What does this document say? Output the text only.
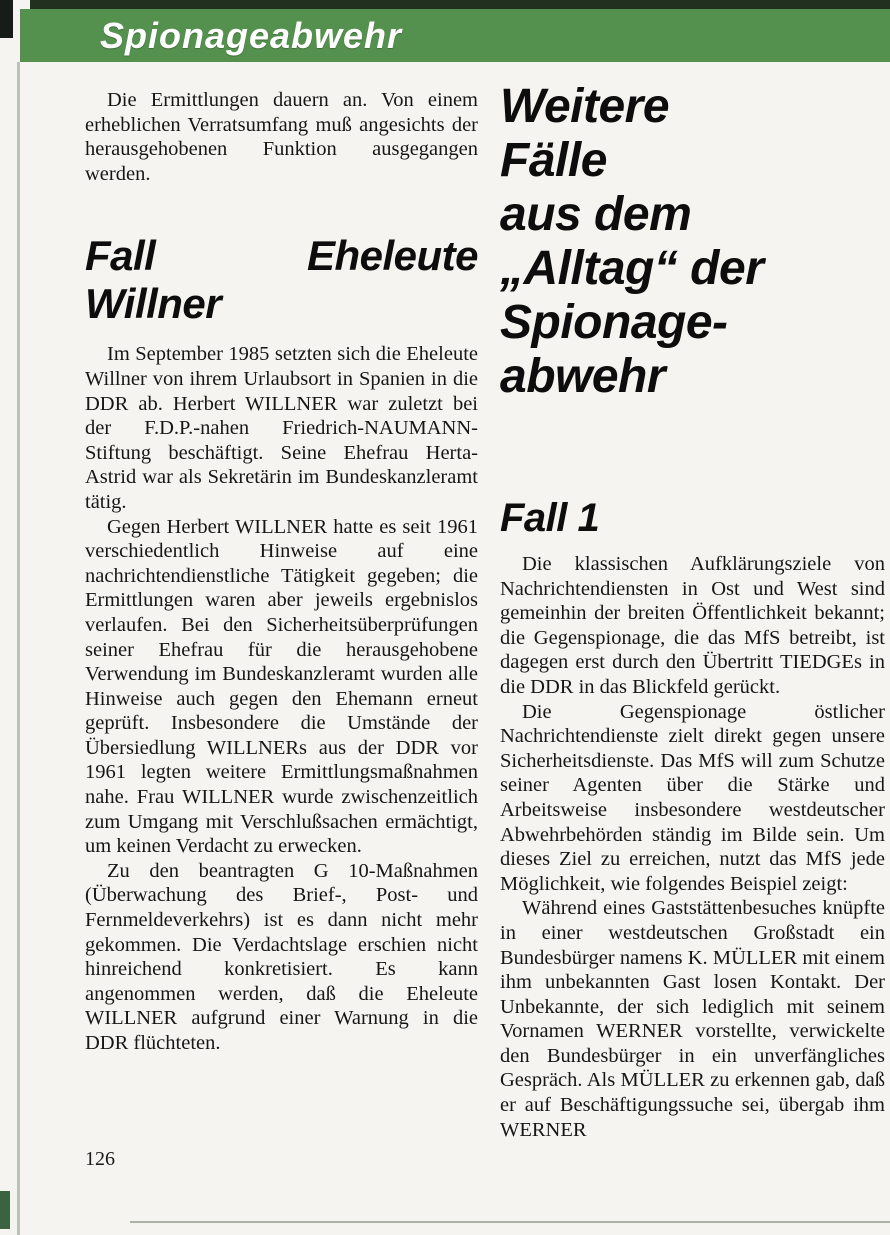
Spionageabwehr

Die Ermittlungen dauern an. Von einem erheblichen Verratsumfang muß angesichts der herausgehobenen Funktion ausgegangen werden.

Fall Eheleute Willner

Im September 1985 setzten sich die Eheleute Willner von ihrem Urlaubsort in Spanien in die DDR ab. Herbert WILLNER war zuletzt bei der F.D.P.-nahen Friedrich-NAUMANN-Stiftung beschäftigt. Seine Ehefrau Herta-Astrid war als Sekretärin im Bundeskanzleramt tätig.

Gegen Herbert WILLNER hatte es seit 1961 verschiedentlich Hinweise auf eine nachrichtendienstliche Tätigkeit gegeben; die Ermittlungen waren aber jeweils ergebnislos verlaufen. Bei den Sicherheitsüberprüfungen seiner Ehefrau für die herausgehobene Verwendung im Bundeskanzleramt wurden alle Hinweise auch gegen den Ehemann erneut geprüft. Insbesondere die Umstände der Übersiedlung WILLNERs aus der DDR vor 1961 legten weitere Ermittlungsmaßnahmen nahe. Frau WILLNER wurde zwischenzeitlich zum Umgang mit Verschlußsachen ermächtigt, um keinen Verdacht zu erwecken.

Zu den beantragten G 10-Maßnahmen (Überwachung des Brief-, Post- und Fernmeldeverkehrs) ist es dann nicht mehr gekommen. Die Verdachtslage erschien nicht hinreichend konkretisiert. Es kann angenommen werden, daß die Eheleute WILLNER aufgrund einer Warnung in die DDR flüchteten.

Weitere
Fälle
aus dem
„Alltag“ der
Spionage-
abwehr
Fall 1

Die klassischen Aufklärungsziele von Nachrichtendiensten in Ost und West sind gemeinhin der breiten Öffentlichkeit bekannt; die Gegenspionage, die das MfS betreibt, ist dagegen erst durch den Übertritt TIEDGEs in die DDR in das Blickfeld gerückt.

Die Gegenspionage östlicher Nachrichtendienste zielt direkt gegen unsere Sicherheitsdienste. Das MfS will zum Schutze seiner Agenten über die Stärke und Arbeitsweise insbesondere westdeutscher Abwehrbehörden ständig im Bilde sein. Um dieses Ziel zu erreichen, nutzt das MfS jede Möglichkeit, wie folgendes Beispiel zeigt:

Während eines Gaststättenbesuches knüpfte in einer westdeutschen Großstadt ein Bundesbürger namens K. MÜLLER mit einem ihm unbekannten Gast losen Kontakt. Der Unbekannte, der sich lediglich mit seinem Vornamen WERNER vorstellte, verwickelte den Bundesbürger in ein unverfängliches Gespräch. Als MÜLLER zu erkennen gab, daß er auf Beschäftigungssuche sei, übergab ihm WERNER

126
